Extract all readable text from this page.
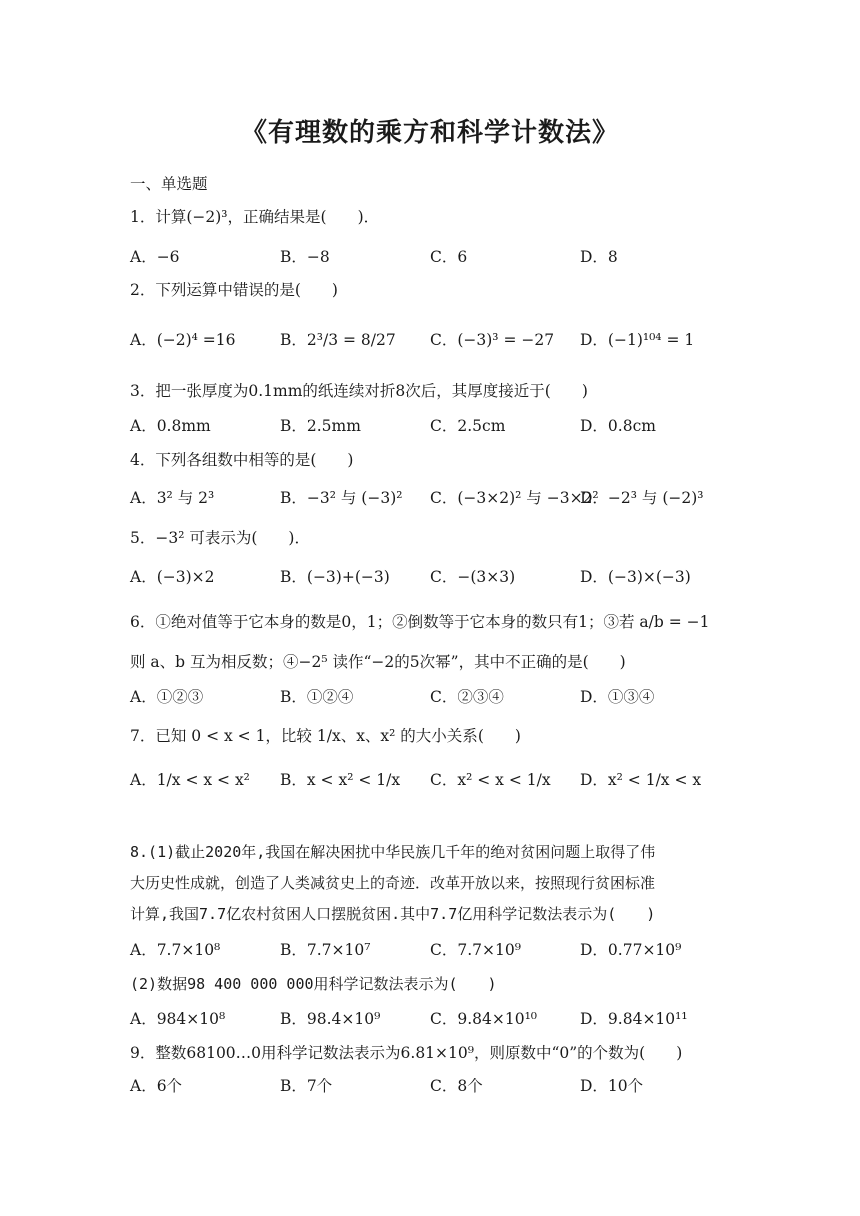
《有理数的乘方和科学计数法》
一、单选题
1．计算(−2)³，正确结果是(　　)．
A．−6	B．−8	C．6	D．8
2．下列运算中错误的是(　　)
A．(−2)⁴ =16	B．2³/3 = 8/27 C．(−3)³ = −27 D．(−1)¹⁰⁴ = 1
3．把一张厚度为0.1mm的纸连续对折8次后，其厚度接近于(　　)
A．0.8mm	B．2.5mm	C．2.5cm	D．0.8cm
4．下列各组数中相等的是(　　)
A．3² 与 2³	B．−3² 与 (−3)² C．(−3×2)² 与 −3×2²
D．−2³ 与 (−2)³
5．−3² 可表示为(　　)．
A．(−3)×2	B．(−3)+(−3)	C．−(3×3)	D．(−3)×(−3)
6．①绝对值等于它本身的数是0，1；②倒数等于它本身的数只有1；③若 a/b = −1
则 a、b 互为相反数；④−2⁵ 读作“−2的5次幂”，其中不正确的是(　　)
A．①②③	B．①②④	C．②③④	D．①③④
7．已知 0 < x < 1，比较 1/x、x、x² 的大小关系(　　)
A．1/x < x < x² B．x < x² < 1/x C．x² < x < 1/x D．x² < 1/x < x
8.(1)截止2020年,我国在解决困扰中华民族几千年的绝对贫困问题上取得了伟
大历史性成就，创造了人类减贫史上的奇迹．改革开放以来，按照现行贫困标准
计算,我国7.7亿农村贫困人口摆脱贫困.其中7.7亿用科学记数法表示为(　　)
A．7.7×10⁸	B．7.7×10⁷	C．7.7×10⁹	D．0.77×10⁹
(2)数据98 400 000 000用科学记数法表示为(　　)
A．984×10⁸	B．98.4×10⁹	C．9.84×10¹⁰	D．9.84×10¹¹
9．整数68100…0用科学记数法表示为6.81×10⁹，则原数中“0”的个数为(　　)
A．6个	B．7个	C．8个	D．10个
